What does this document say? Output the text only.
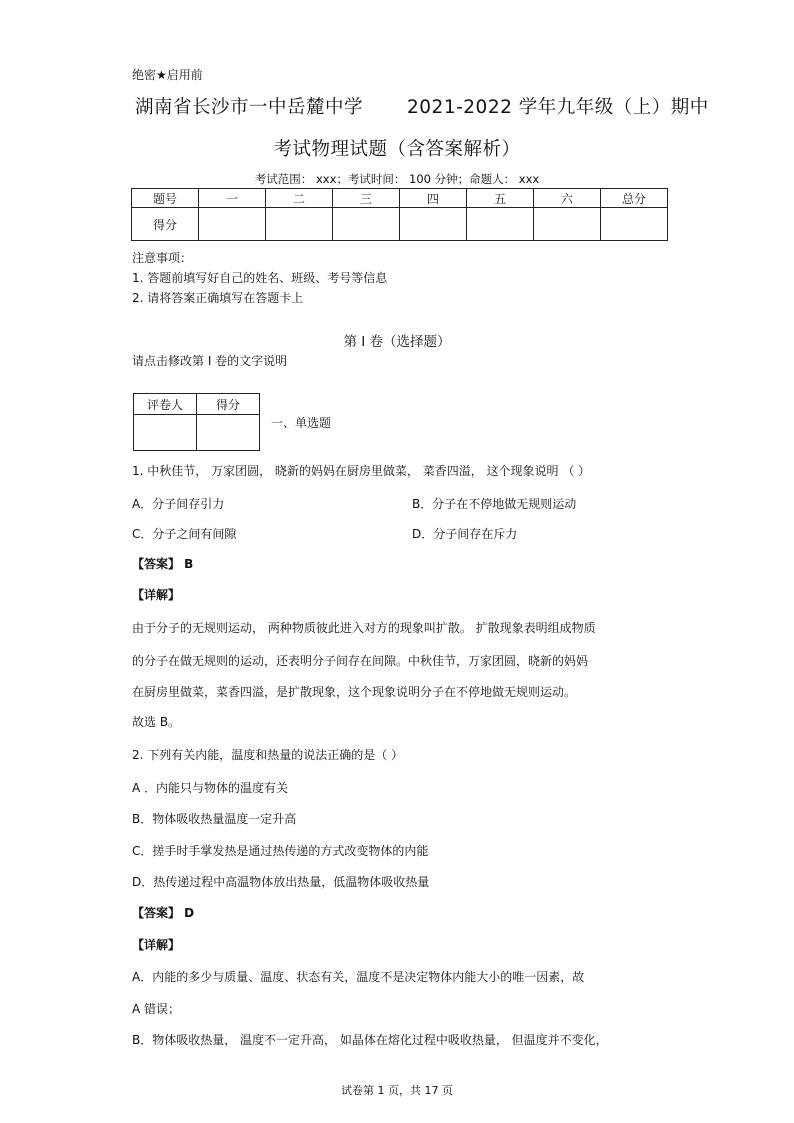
绝密★启用前
湖南省长沙市一中岳麓中学 2021-2022 学年九年级（上）期中
考试物理试题（含答案解析）
考试范围： xxx；考试时间： 100 分钟；命题人： xxx
题号	一	二	三	四	五	六	总分
得分							
注意事项：
1. 答题前填写好自己的姓名、班级、考号等信息
2. 请将答案正确填写在答题卡上
第 I 卷（选择题）
请点击修改第 I 卷的文字说明
评卷人	得分

一、单选题
1. 中秋佳节， 万家团圆， 晓新的妈妈在厨房里做菜， 菜香四溢， 这个现象说明 （ ）
A．分子间存引力	B．分子在不停地做无规则运动
C．分子之间有间隙	D．分子间存在斥力
【答案】 B
【详解】
由于分子的无规则运动， 两种物质彼此进入对方的现象叫扩散。 扩散现象表明组成物质
的分子在做无规则的运动，还表明分子间存在间隙。中秋佳节，万家团圆，晓新的妈妈
在厨房里做菜，菜香四溢，是扩散现象，这个现象说明分子在不停地做无规则运动。
故选 B。
2. 下列有关内能，温度和热量的说法正确的是（ ）
A ．内能只与物体的温度有关
B．物体吸收热量温度一定升高
C．搓手时手掌发热是通过热传递的方式改变物体的内能
D．热传递过程中高温物体放出热量，低温物体吸收热量
【答案】 D
【详解】
A．内能的多少与质量、温度、状态有关，温度不是决定物体内能大小的唯一因素，故
A 错误；
B．物体吸收热量， 温度不一定升高， 如晶体在熔化过程中吸收热量， 但温度并不变化，
试卷第 1 页，共 17 页
